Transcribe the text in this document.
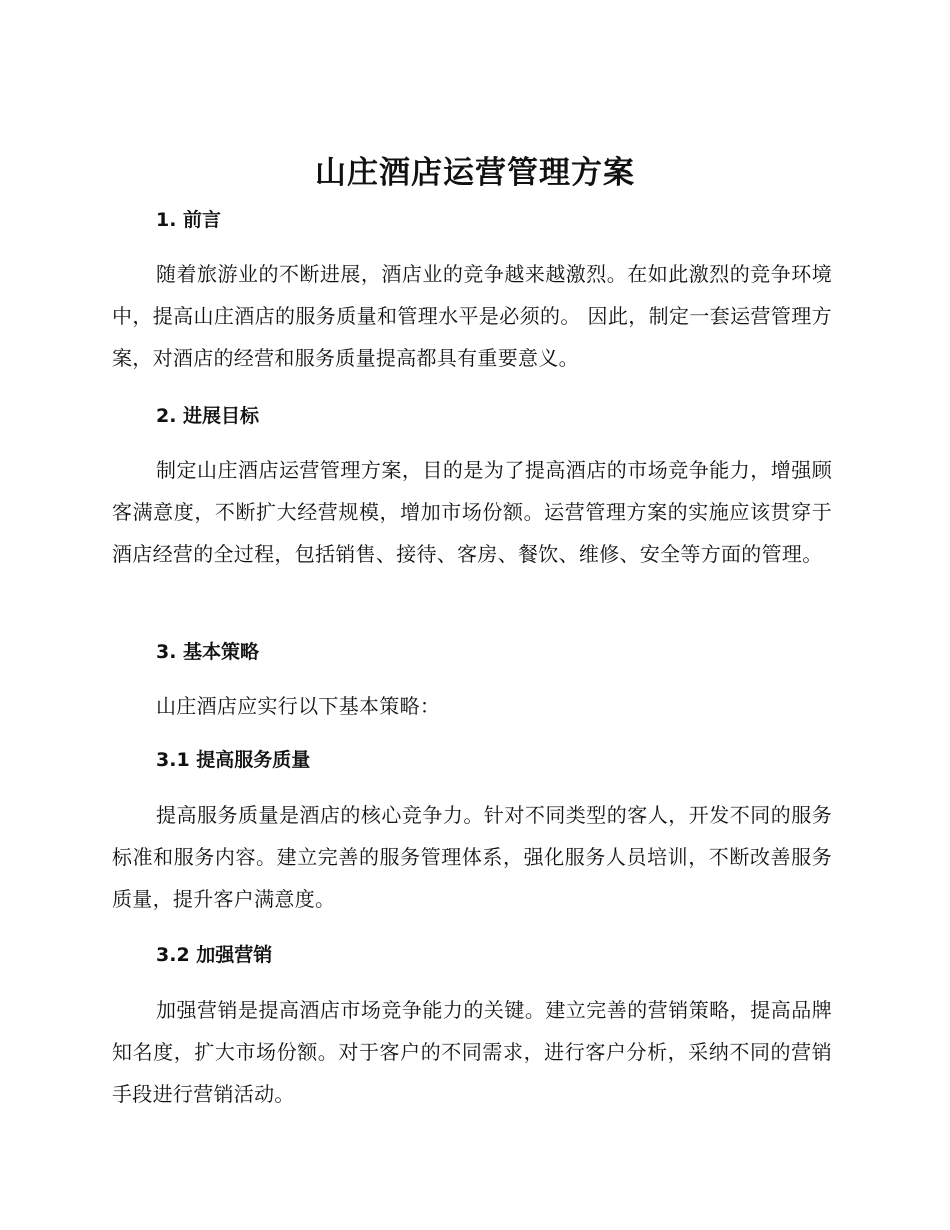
山庄酒店运营管理方案
1. 前言
随着旅游业的不断进展，酒店业的竞争越来越激烈。在如此激烈的竞争环境中，提高山庄酒店的服务质量和管理水平是必须的。 因此，制定一套运营管理方案，对酒店的经营和服务质量提高都具有重要意义。
2. 进展目标
制定山庄酒店运营管理方案，目的是为了提高酒店的市场竞争能力，增强顾客满意度，不断扩大经营规模，增加市场份额。运营管理方案的实施应该贯穿于酒店经营的全过程，包括销售、接待、客房、餐饮、维修、安全等方面的管理。
3. 基本策略
山庄酒店应实行以下基本策略：
3.1 提高服务质量
提高服务质量是酒店的核心竞争力。针对不同类型的客人，开发不同的服务标准和服务内容。建立完善的服务管理体系，强化服务人员培训，不断改善服务质量，提升客户满意度。
3.2 加强营销
加强营销是提高酒店市场竞争能力的关键。建立完善的营销策略，提高品牌知名度，扩大市场份额。对于客户的不同需求，进行客户分析，采纳不同的营销手段进行营销活动。
